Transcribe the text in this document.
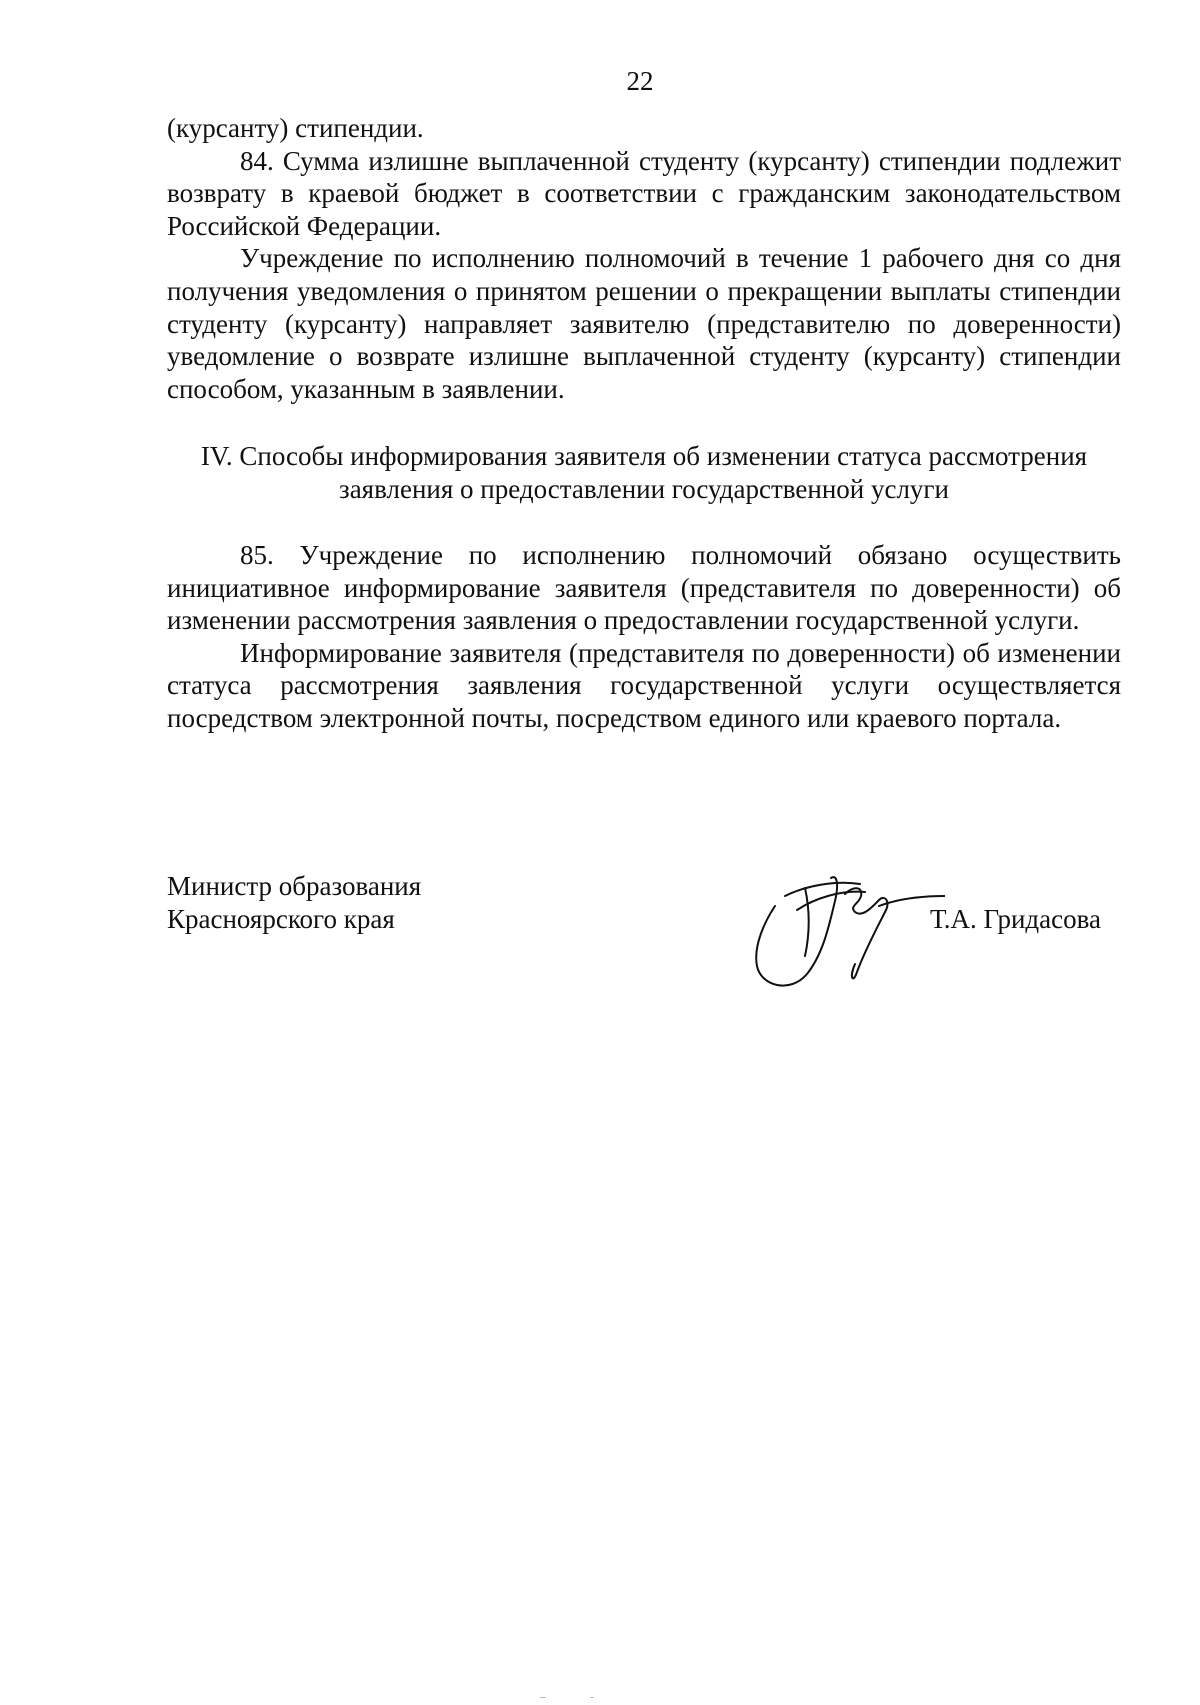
22

(курсанту) стипендии.

84. Сумма излишне выплаченной студенту (курсанту) стипендии подлежит возврату в краевой бюджет в соответствии с гражданским законодательством Российской Федерации.

Учреждение по исполнению полномочий в течение 1 рабочего дня со дня получения уведомления о принятом решении о прекращении выплаты стипендии студенту (курсанту) направляет заявителю (представителю по доверенности) уведомление о возврате излишне выплаченной студенту (курсанту) стипендии способом, указанным в заявлении.

IV. Способы информирования заявителя об изменении статуса рассмотрения
заявления о предоставлении государственной услуги

85. Учреждение по исполнению полномочий обязано осуществить инициативное информирование заявителя (представителя по доверенности) об изменении рассмотрения заявления о предоставлении государственной услуги.

Информирование заявителя (представителя по доверенности) об изменении статуса рассмотрения заявления государственной услуги осуществляется посредством электронной почты, посредством единого или краевого портала.

Министр образования
Красноярского края	Т.А. Гридасова
